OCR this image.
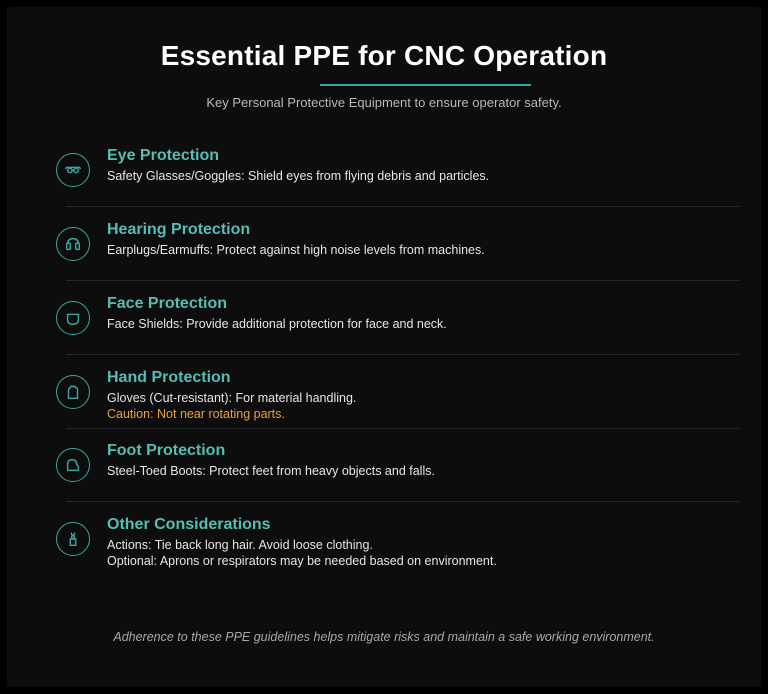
Essential PPE for CNC Operation
Key Personal Protective Equipment to ensure operator safety.
Eye Protection
Safety Glasses/Goggles: Shield eyes from flying debris and particles.
Hearing Protection
Earplugs/Earmuffs: Protect against high noise levels from machines.
Face Protection
Face Shields: Provide additional protection for face and neck.
Hand Protection
Gloves (Cut-resistant): For material handling.
Caution: Not near rotating parts.
Foot Protection
Steel-Toed Boots: Protect feet from heavy objects and falls.
Other Considerations
Actions: Tie back long hair. Avoid loose clothing.
Optional: Aprons or respirators may be needed based on environment.
Adherence to these PPE guidelines helps mitigate risks and maintain a safe working environment.
